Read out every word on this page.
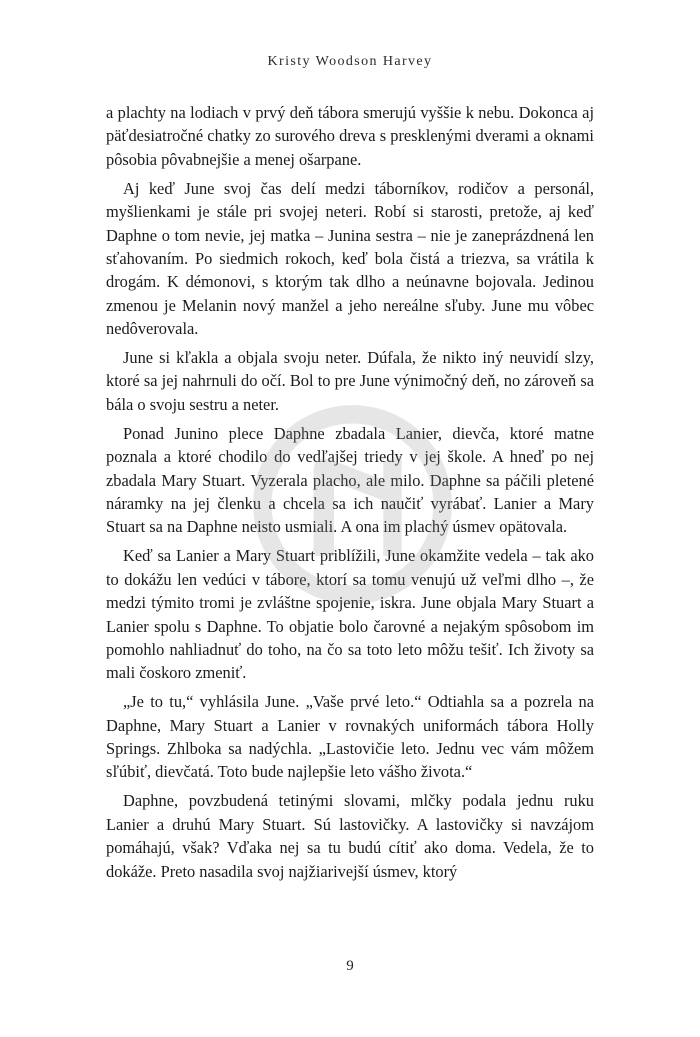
Kristy Woodson Harvey

a plachty na lodiach v prvý deň tábora smerujú vyššie k nebu. Dokonca aj päťdesiatročné chatky zo surového dreva s presklenými dverami a oknami pôsobia pôvabnejšie a menej ošarpane.

Aj keď June svoj čas delí medzi táborníkov, rodičov a personál, myšlienkami je stále pri svojej neteri. Robí si starosti, pretože, aj keď Daphne o tom nevie, jej matka – Junina sestra – nie je zaneprázdnená len sťahovaním. Po siedmich rokoch, keď bola čistá a triezva, sa vrátila k drogám. K démonovi, s ktorým tak dlho a neúnavne bojovala. Jedinou zmenou je Melanin nový manžel a jeho nereálne sľuby. June mu vôbec nedôverovala.

June si kľakla a objala svoju neter. Dúfala, že nikto iný neuvidí slzy, ktoré sa jej nahrnuli do očí. Bol to pre June výnimočný deň, no zároveň sa bála o svoju sestru a neter.

Ponad Junino plece Daphne zbadala Lanier, dievča, ktoré matne poznala a ktoré chodilo do vedľajšej triedy v jej škole. A hneď po nej zbadala Mary Stuart. Vyzerala placho, ale milo. Daphne sa páčili pletené náramky na jej členku a chcela sa ich naučiť vyrábať. Lanier a Mary Stuart sa na Daphne neisto usmiali. A ona im plachý úsmev opätovala.

Keď sa Lanier a Mary Stuart priblížili, June okamžite vedela – tak ako to dokážu len vedúci v tábore, ktorí sa tomu venujú už veľmi dlho –, že medzi týmito tromi je zvláštne spojenie, iskra. June objala Mary Stuart a Lanier spolu s Daphne. To objatie bolo čarovné a nejakým spôsobom im pomohlo nahliadnuť do toho, na čo sa toto leto môžu tešiť. Ich životy sa mali čoskoro zmeniť.

„Je to tu,“ vyhlásila June. „Vaše prvé leto.“ Odtiahla sa a pozrela na Daphne, Mary Stuart a Lanier v rovnakých uniformách tábora Holly Springs. Zhlboka sa nadýchla. „Lastovičie leto. Jednu vec vám môžem sľúbiť, dievčatá. Toto bude najlepšie leto vášho života.“

Daphne, povzbudená tetinými slovami, mlčky podala jednu ruku Lanier a druhú Mary Stuart. Sú lastovičky. A lastovičky si navzájom pomáhajú, však? Vďaka nej sa tu budú cítiť ako doma. Vedela, že to dokáže. Preto nasadila svoj najžiarivejší úsmev, ktorý

9
